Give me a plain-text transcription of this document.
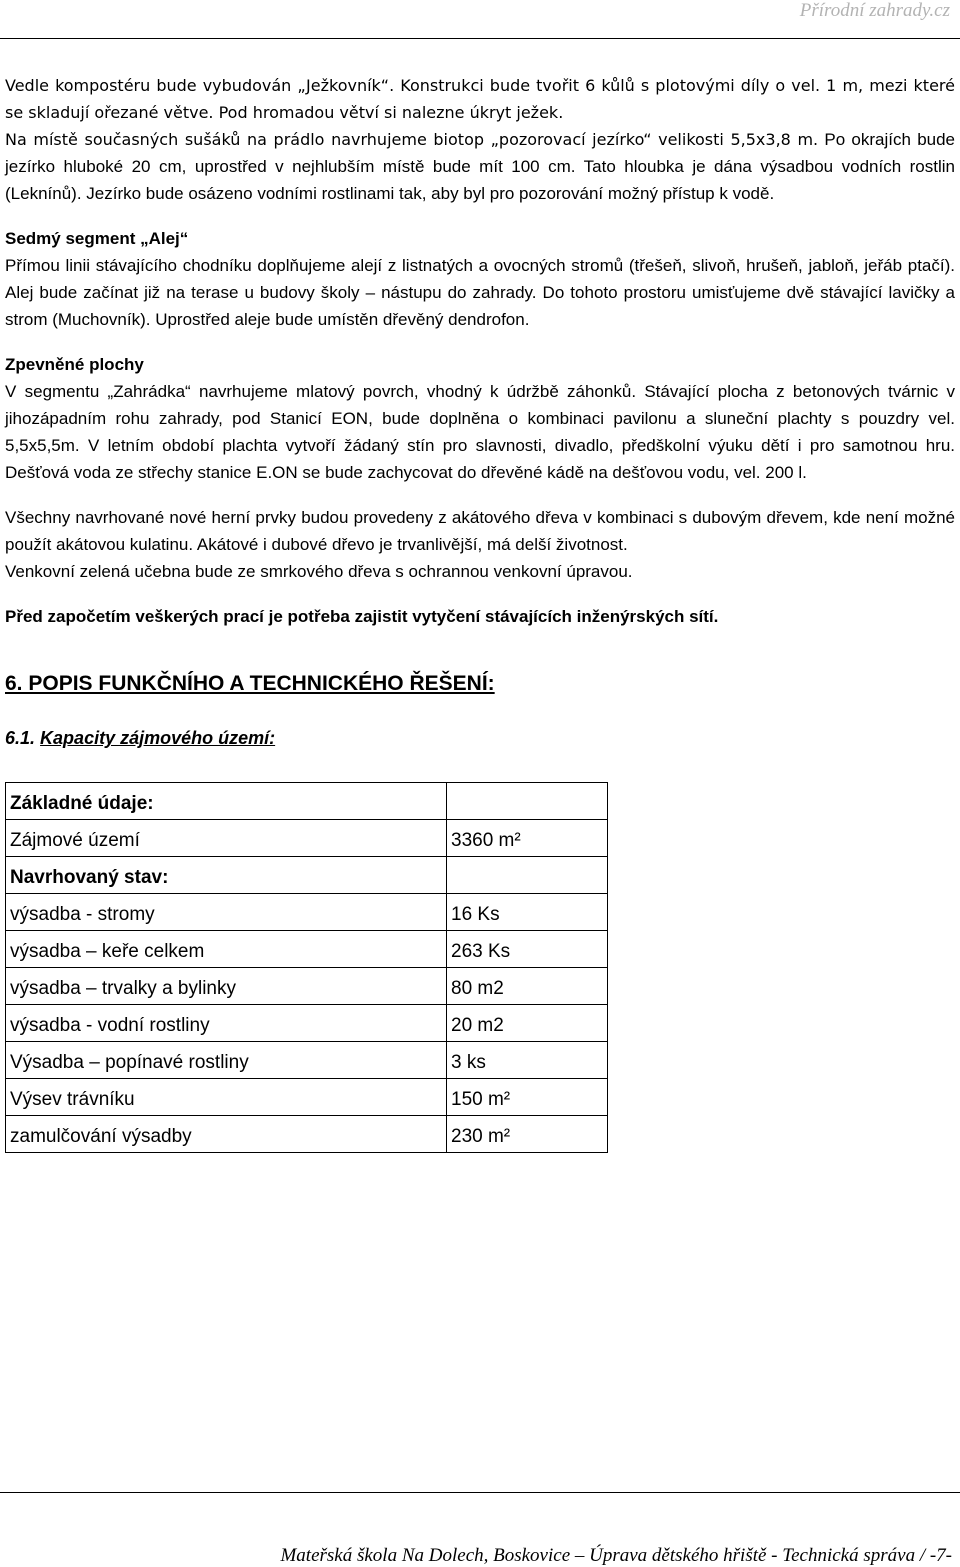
Přírodní zahrady.cz

Vedle kompostéru bude vybudován „Ježkovník“. Konstrukci bude tvořit 6 kůlů s plotovými díly o vel. 1 m, mezi které se skladují ořezané větve. Pod hromadou větví si nalezne úkryt ježek.

Na místě současných sušáků na prádlo navrhujeme biotop „pozorovací jezírko“ velikosti 5,5x3,8 m. Po okrajích bude jezírko hluboké 20 cm, uprostřed v nejhlubším místě bude mít 100 cm. Tato hloubka je dána výsadbou vodních rostlin (Leknínů). Jezírko bude osázeno vodními rostlinami tak, aby byl pro pozorování možný přístup k vodě.

Sedmý segment „Alej“

Přímou linii stávajícího chodníku doplňujeme alejí z listnatých a ovocných stromů (třešeň, slivoň, hrušeň, jabloň, jeřáb ptačí). Alej bude začínat již na terase u budovy školy – nástupu do zahrady. Do tohoto prostoru umisťujeme dvě stávající lavičky a strom (Muchovník). Uprostřed aleje bude umístěn dřevěný dendrofon.

Zpevněné plochy

V segmentu „Zahrádka“ navrhujeme mlatový povrch, vhodný k údržbě záhonků. Stávající plocha z betonových tvárnic v jihozápadním rohu zahrady, pod Stanicí EON, bude doplněna o kombinaci pavilonu a sluneční plachty s pouzdry vel. 5,5x5,5m. V letním období plachta vytvoří žádaný stín pro slavnosti, divadlo, předškolní výuku dětí i pro samotnou hru. Dešťová voda ze střechy stanice E.ON se bude zachycovat do dřevěné kádě na dešťovou vodu, vel. 200 l.

Všechny navrhované nové herní prvky budou provedeny z akátového dřeva v kombinaci s dubovým dřevem, kde není možné použít akátovou kulatinu. Akátové i dubové dřevo je trvanlivější, má delší životnost.

Venkovní zelená učebna bude ze smrkového dřeva s ochrannou venkovní úpravou.

Před započetím veškerých prací je potřeba zajistit vytyčení stávajících inženýrských sítí.

6. POPIS FUNKČNÍHO A TECHNICKÉHO ŘEŠENÍ:

6.1. Kapacity zájmového území:

Základné údaje:	
Zájmové území	3360 m²
Navrhovaný stav:	
výsadba - stromy	16 Ks
výsadba – keře celkem	263 Ks
výsadba – trvalky a bylinky	80 m2
výsadba - vodní rostliny	20 m2
Výsadba – popínavé rostliny	3 ks
Výsev trávníku	150 m²
zamulčování výsadby	230 m²
Mateřská škola Na Dolech, Boskovice – Úprava dětského hřiště - Technická správa / -7-
